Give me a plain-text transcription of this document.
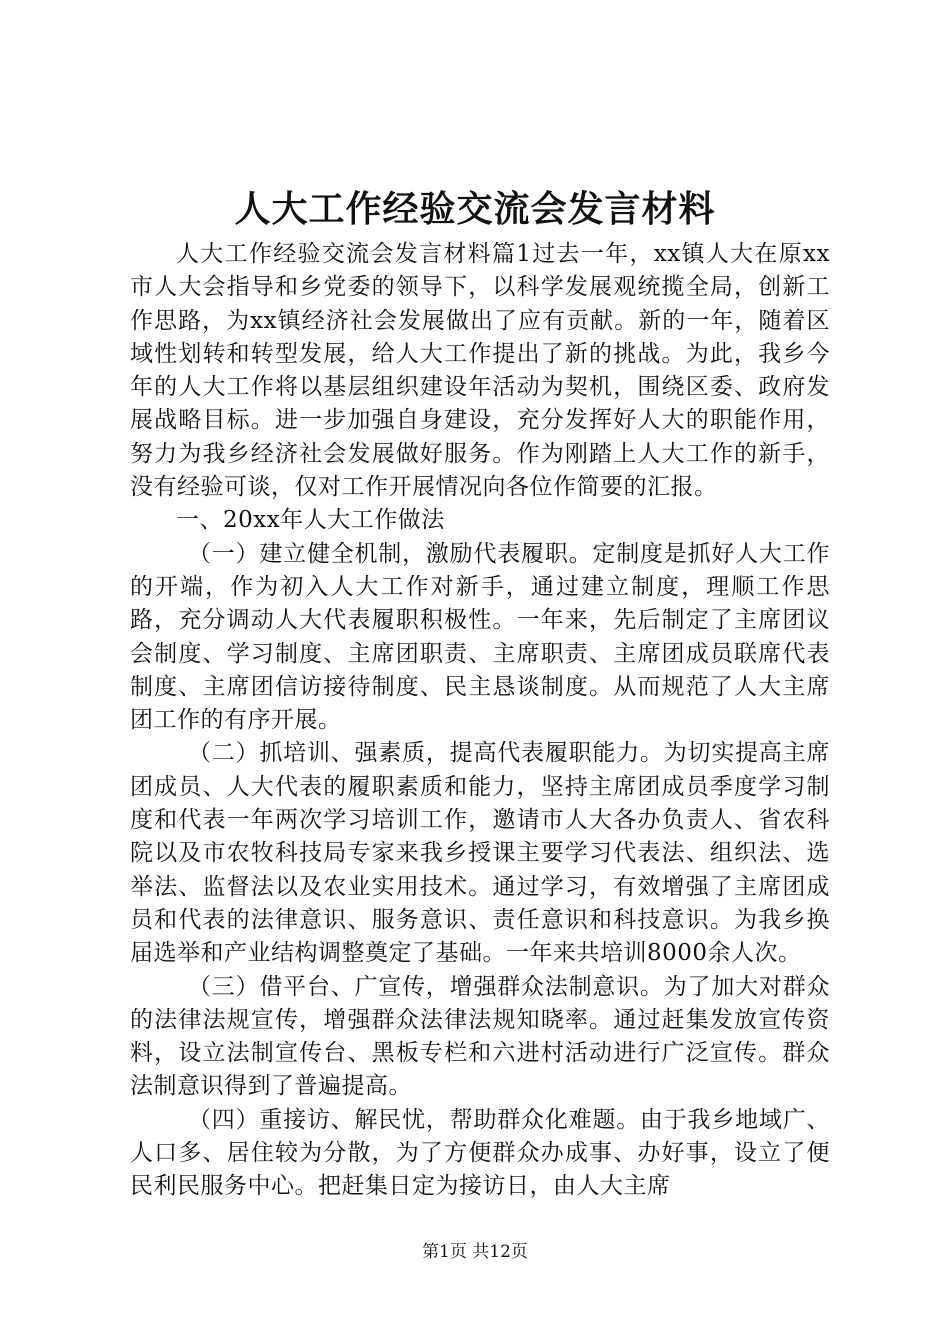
人大工作经验交流会发言材料

人大工作经验交流会发言材料篇1过去一年，xx镇人大在原xx市人大会指导和乡党委的领导下，以科学发展观统揽全局，创新工作思路，为xx镇经济社会发展做出了应有贡献。新的一年，随着区域性划转和转型发展，给人大工作提出了新的挑战。为此，我乡今年的人大工作将以基层组织建设年活动为契机，围绕区委、政府发展战略目标。进一步加强自身建设，充分发挥好人大的职能作用，努力为我乡经济社会发展做好服务。作为刚踏上人大工作的新手，没有经验可谈，仅对工作开展情况向各位作简要的汇报。

一、20xx年人大工作做法

（一）建立健全机制，激励代表履职。定制度是抓好人大工作的开端，作为初入人大工作对新手，通过建立制度，理顺工作思路，充分调动人大代表履职积极性。一年来，先后制定了主席团议会制度、学习制度、主席团职责、主席职责、主席团成员联席代表制度、主席团信访接待制度、民主恳谈制度。从而规范了人大主席团工作的有序开展。

（二）抓培训、强素质，提高代表履职能力。为切实提高主席团成员、人大代表的履职素质和能力，坚持主席团成员季度学习制度和代表一年两次学习培训工作，邀请市人大各办负责人、省农科院以及市农牧科技局专家来我乡授课主要学习代表法、组织法、选举法、监督法以及农业实用技术。通过学习，有效增强了主席团成员和代表的法律意识、服务意识、责任意识和科技意识。为我乡换届选举和产业结构调整奠定了基础。一年来共培训8000余人次。

（三）借平台、广宣传，增强群众法制意识。为了加大对群众的法律法规宣传，增强群众法律法规知晓率。通过赶集发放宣传资料，设立法制宣传台、黑板专栏和六进村活动进行广泛宣传。群众法制意识得到了普遍提高。

（四）重接访、解民忧，帮助群众化难题。由于我乡地域广、人口多、居住较为分散，为了方便群众办成事、办好事，设立了便民利民服务中心。把赶集日定为接访日，由人大主席

第1页 共12页
